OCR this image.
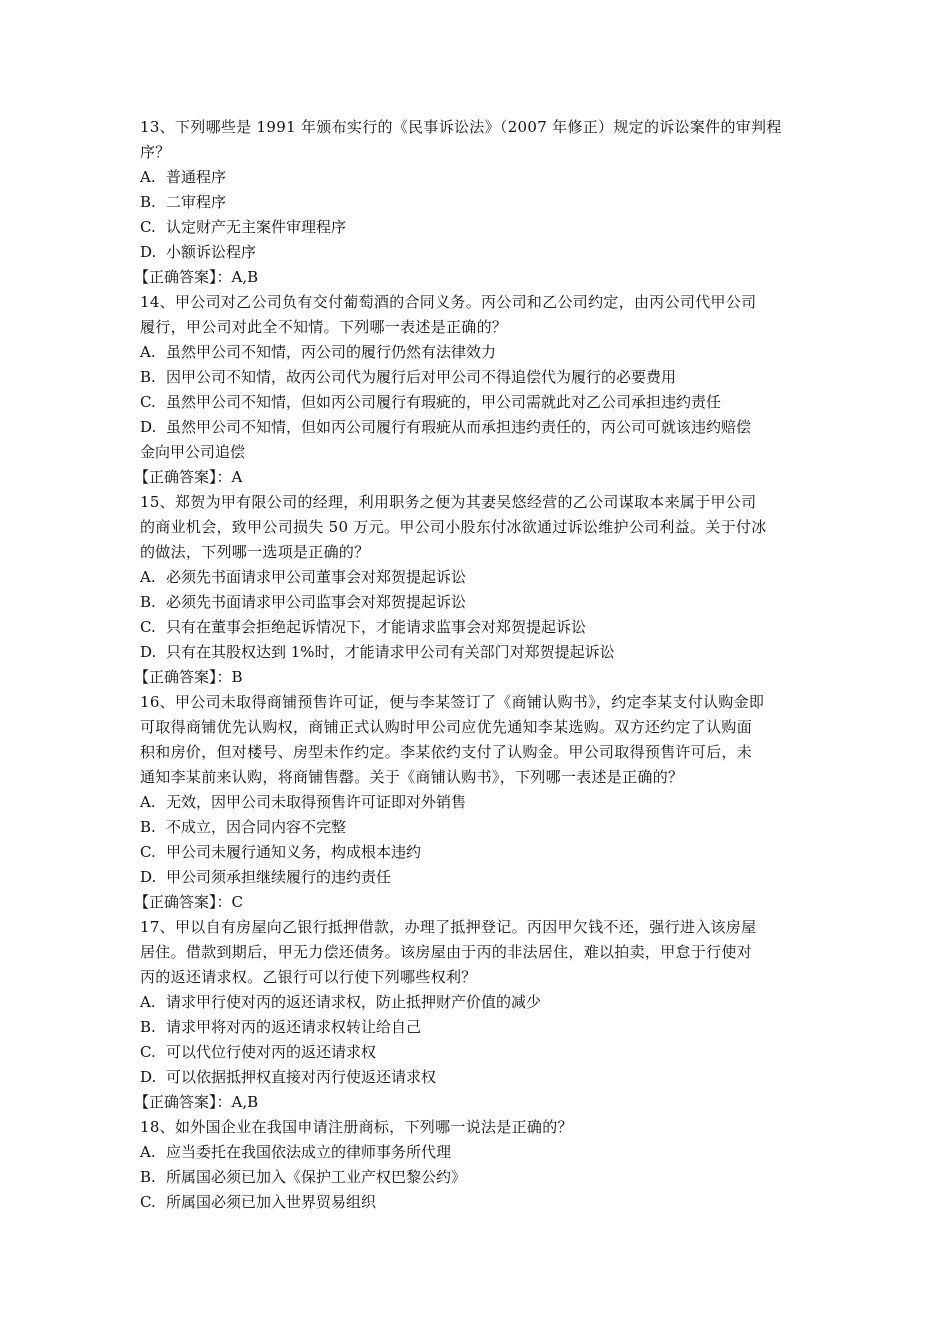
13、下列哪些是 1991 年颁布实行的《民事诉讼法》（2007 年修正）规定的诉讼案件的审判程
序？
A. 普通程序
B. 二审程序
C. 认定财产无主案件审理程序
D. 小额诉讼程序
【正确答案】：A,B
14、甲公司对乙公司负有交付葡萄酒的合同义务。丙公司和乙公司约定，由丙公司代甲公司
履行，甲公司对此全不知情。下列哪一表述是正确的？
A. 虽然甲公司不知情，丙公司的履行仍然有法律效力
B. 因甲公司不知情，故丙公司代为履行后对甲公司不得追偿代为履行的必要费用
C. 虽然甲公司不知情，但如丙公司履行有瑕疵的，甲公司需就此对乙公司承担违约责任
D. 虽然甲公司不知情，但如丙公司履行有瑕疵从而承担违约责任的，丙公司可就该违约赔偿
金向甲公司追偿
【正确答案】：A
15、郑贺为甲有限公司的经理，利用职务之便为其妻吴悠经营的乙公司谋取本来属于甲公司
的商业机会，致甲公司损失 50 万元。甲公司小股东付冰欲通过诉讼维护公司利益。关于付冰
的做法，下列哪一选项是正确的？
A. 必须先书面请求甲公司董事会对郑贺提起诉讼
B. 必须先书面请求甲公司监事会对郑贺提起诉讼
C. 只有在董事会拒绝起诉情况下，才能请求监事会对郑贺提起诉讼
D. 只有在其股权达到 1%时，才能请求甲公司有关部门对郑贺提起诉讼
【正确答案】：B
16、甲公司未取得商铺预售许可证，便与李某签订了《商铺认购书》，约定李某支付认购金即
可取得商铺优先认购权，商铺正式认购时甲公司应优先通知李某选购。双方还约定了认购面
积和房价，但对楼号、房型未作约定。李某依约支付了认购金。甲公司取得预售许可后，未
通知李某前来认购，将商铺售罄。关于《商铺认购书》，下列哪一表述是正确的？
A. 无效，因甲公司未取得预售许可证即对外销售
B. 不成立，因合同内容不完整
C. 甲公司未履行通知义务，构成根本违约
D. 甲公司须承担继续履行的违约责任
【正确答案】：C
17、甲以自有房屋向乙银行抵押借款，办理了抵押登记。丙因甲欠钱不还，强行进入该房屋
居住。借款到期后，甲无力偿还债务。该房屋由于丙的非法居住，难以拍卖，甲怠于行使对
丙的返还请求权。乙银行可以行使下列哪些权利？
A. 请求甲行使对丙的返还请求权，防止抵押财产价值的减少
B. 请求甲将对丙的返还请求权转让给自己
C. 可以代位行使对丙的返还请求权
D. 可以依据抵押权直接对丙行使返还请求权
【正确答案】：A,B
18、如外国企业在我国申请注册商标，下列哪一说法是正确的？
A. 应当委托在我国依法成立的律师事务所代理
B. 所属国必须已加入《保护工业产权巴黎公约》
C. 所属国必须已加入世界贸易组织
